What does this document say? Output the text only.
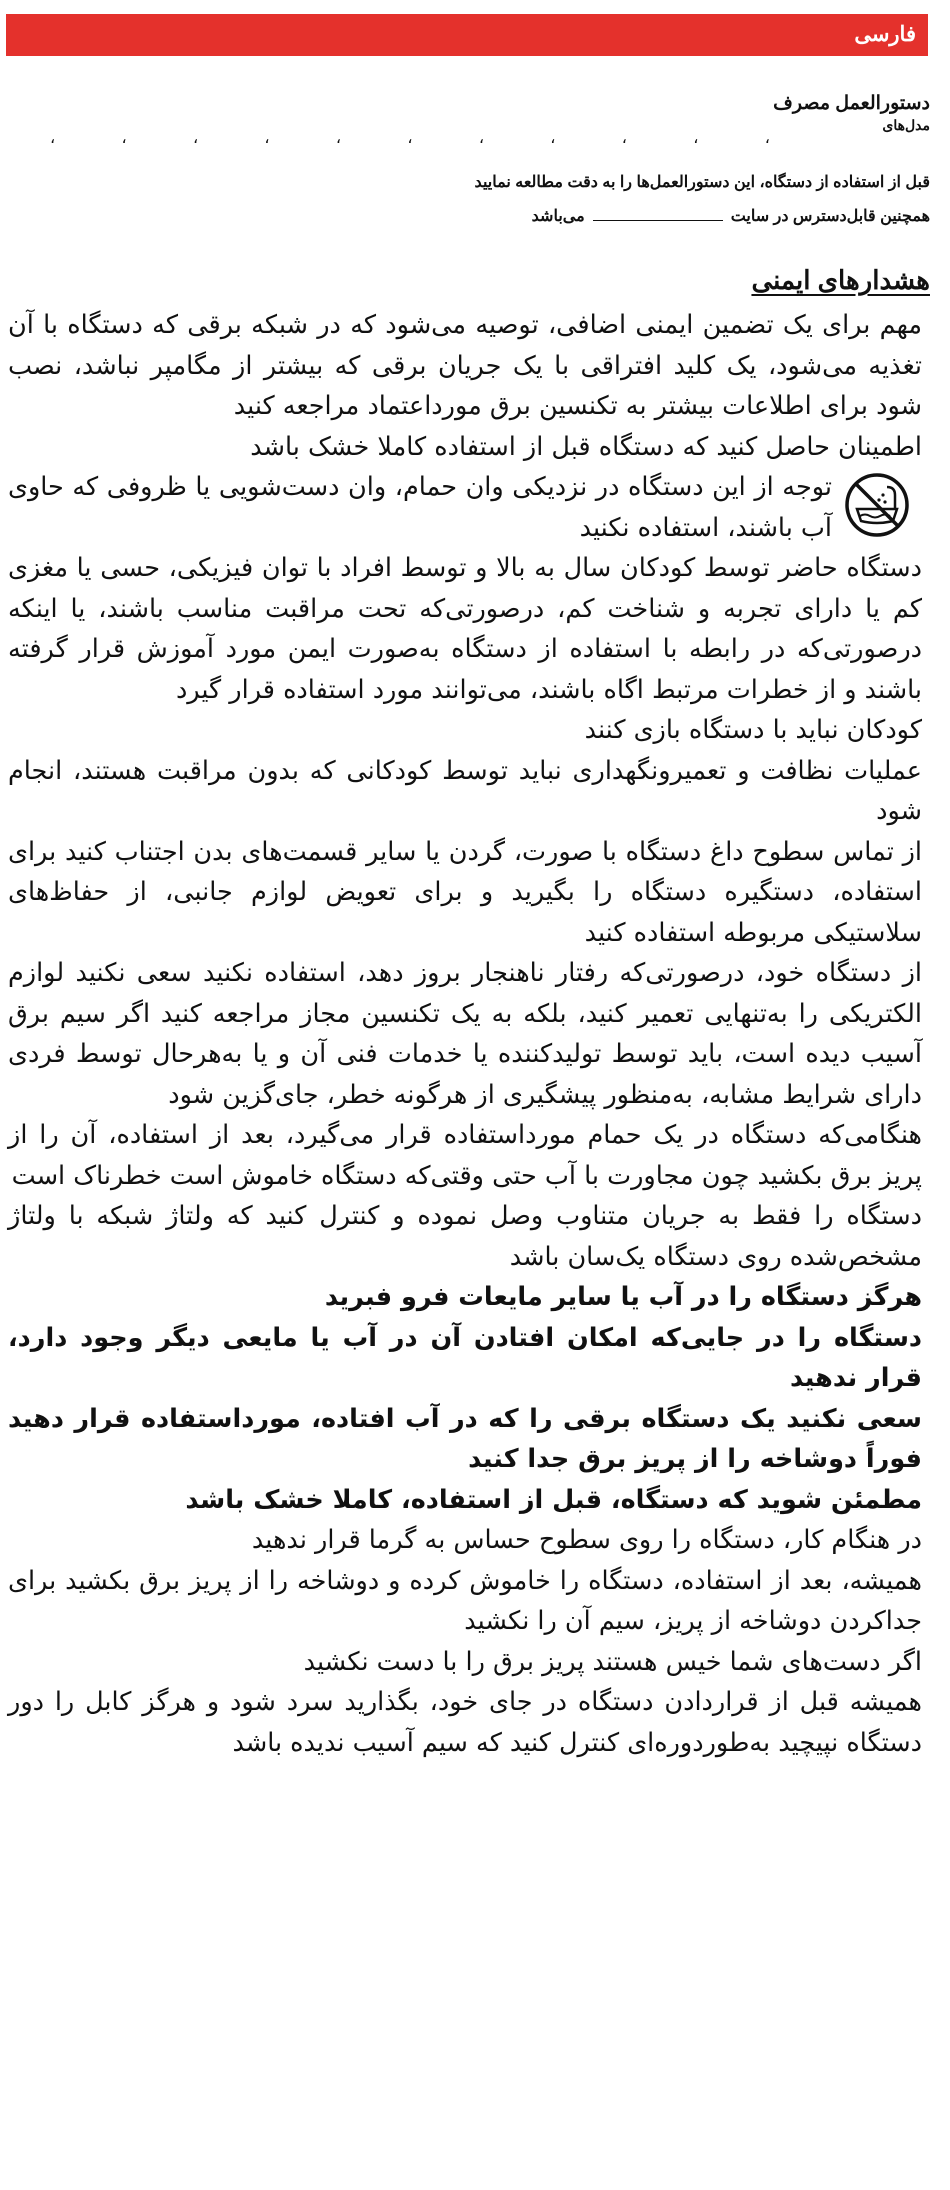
فارسی
دستورالعمل مصرف
مدل‌های
،	،	،	،	،	،	،	،	،	،	،
قبل از استفاده از دستگاه، این دستورالعمل‌ها را به دقت مطالعه نمایید
همچنین قابل‌دسترس در سایتمی‌باشد
هشدارهای ایمنی

مهم برای یک تضمین ایمنی اضافی، توصیه می‌شود که در شبکه برقی که دستگاه با آن تغذیه می‌شود، یک کلید افتراقی با یک جریان برقی که بیشتر از مگامپر نباشد، نصب شود برای اطلاعات بیشتر به تکنسین برق مورداعتماد مراجعه کنید

اطمینان حاصل کنید که دستگاه قبل از استفاده کاملا خشک باشد

توجه از این دستگاه در نزدیکی وان حمام، وان دست‌شویی یا ظروفی که حاوی آب باشند، استفاده نکنید

دستگاه حاضر توسط کودکان سال به بالا و توسط افراد با توان فیزیکی، حسی یا مغزی کم یا دارای تجربه و شناخت کم، درصورتی‌که تحت مراقبت مناسب باشند، یا اینکه درصورتی‌که در رابطه با استفاده از دستگاه به‌صورت ایمن مورد آموزش قرار گرفته باشند و از خطرات مرتبط اگاه باشند، می‌توانند مورد استفاده قرار گیرد

کودکان نباید با دستگاه بازی کنند

عملیات نظافت و تعمیرونگهداری نباید توسط کودکانی که بدون مراقبت هستند، انجام شود

از تماس سطوح داغ دستگاه با صورت، گردن یا سایر قسمت‌های بدن اجتناب کنید برای استفاده، دستگیره دستگاه را بگیرید و برای تعویض لوازم جانبی، از حفاظ‌های سلاستیکی مربوطه استفاده کنید

از دستگاه خود، درصورتی‌که رفتار ناهنجار بروز دهد، استفاده نکنید سعی نکنید لوازم الکتریکی را به‌تنهایی تعمیر کنید، بلکه به یک تکنسین مجاز مراجعه کنید اگر سیم برق آسیب دیده است، باید توسط تولیدکننده یا خدمات فنی آن و یا به‌هرحال توسط فردی دارای شرایط مشابه، به‌منظور پیشگیری از هرگونه خطر، جای‌گزین شود

هنگامی‌که دستگاه در یک حمام مورداستفاده قرار می‌گیرد، بعد از استفاده، آن را از پریز برق بکشید چون مجاورت با آب حتی وقتی‌که دستگاه خاموش است خطرناک است

دستگاه را فقط به جریان متناوب وصل نموده و کنترل کنید که ولتاژ شبکه با ولتاژ مشخص‌شده روی دستگاه یک‌سان باشد

هرگز دستگاه را در آب یا سایر مایعات فرو فبرید

دستگاه را در جایی‌که امکان افتادن آن در آب یا مایعی دیگر وجود دارد، قرار ندهید

سعی نکنید یک دستگاه برقی را که در آب افتاده، مورداستفاده قرار دهید فوراً دوشاخه را از پریز برق جدا کنید

مطمئن شوید که دستگاه، قبل از استفاده، کاملا خشک باشد

در هنگام کار، دستگاه را روی سطوح حساس به گرما قرار ندهید

همیشه، بعد از استفاده، دستگاه را خاموش کرده و دوشاخه را از پریز برق بکشید برای جداکردن دوشاخه از پریز، سیم آن را نکشید

اگر دست‌های شما خیس هستند پریز برق را با دست نکشید

همیشه قبل از قراردادن دستگاه در جای خود، بگذارید سرد شود و هرگز کابل را دور دستگاه نپیچید به‌طوردوره‌ای کنترل کنید که سیم آسیب ندیده باشد
